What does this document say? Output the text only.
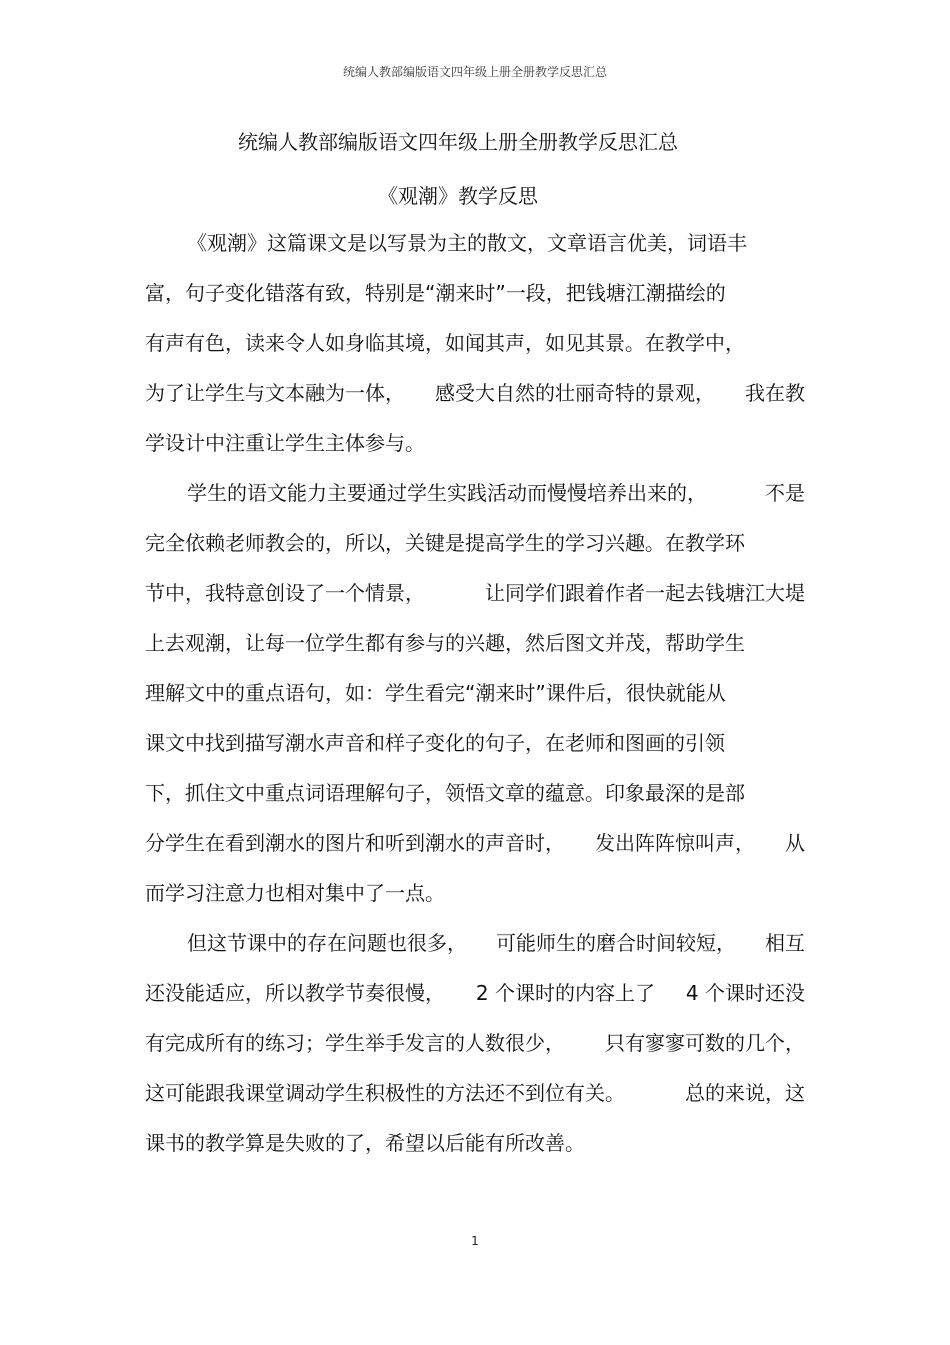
统编人教部编版语文四年级上册全册教学反思汇总
统编人教部编版语文四年级上册全册教学反思汇总
《观潮》教学反思
《观潮》这篇课文是以写景为主的散文，文章语言优美，词语丰
富，句子变化错落有致，特别是“潮来时”一段，把钱塘江潮描绘的
有声有色，读来令人如身临其境，如闻其声，如见其景。在教学中，
为了让学生与文本融为一体， 感受大自然的壮丽奇特的景观， 我在教
学设计中注重让学生主体参与。
学生的语文能力主要通过学生实践活动而慢慢培养出来的，	不是
完全依赖老师教会的，所以，关键是提高学生的学习兴趣。在教学环
节中，我特意创设了一个情景，	让同学们跟着作者一起去钱塘江大堤
上去观潮，让每一位学生都有参与的兴趣，然后图文并茂，帮助学生
理解文中的重点语句，如：学生看完“潮来时”课件后，很快就能从
课文中找到描写潮水声音和样子变化的句子，在老师和图画的引领
下，抓住文中重点词语理解句子，领悟文章的蕴意。印象最深的是部
分学生在看到潮水的图片和听到潮水的声音时， 发出阵阵惊叫声， 从
而学习注意力也相对集中了一点。
但这节课中的存在问题也很多， 可能师生的磨合时间较短， 相互
还没能适应，所以教学节奏很慢， 2 个课时的内容上了 4 个课时还没
有完成所有的练习；学生举手发言的人数很少， 只有寥寥可数的几个，
这可能跟我课堂调动学生积极性的方法还不到位有关。	总的来说，这
课书的教学算是失败的了，希望以后能有所改善。
1
